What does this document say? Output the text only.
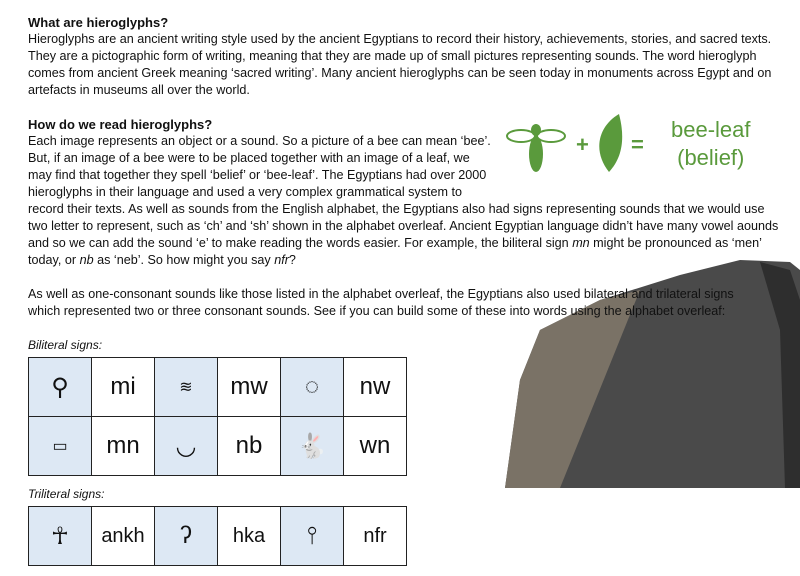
What are hieroglyphs?

Hieroglyphs are an ancient writing style used by the ancient Egyptians to record their history, achievements, stories, and sacred texts. They are a pictographic form of writing, meaning that they are made up of small pictures representing sounds. The word hieroglyph comes from ancient Greek meaning ‘sacred writing’. Many ancient hieroglyphs can be seen today in monuments across Egypt and on artefacts in museums all over the world.

+ =
bee-leaf
(belief)
How do we read hieroglyphs?

Each image represents an object or a sound. So a picture of a bee can mean ‘bee’. But, if an image of a bee were to be placed together with an image of a leaf, we may find that together they spell ‘belief’ or ‘bee-leaf’. The Egyptians had over 2000 hieroglyphs in their language and used a very complex grammatical system to record their texts. As well as sounds from the English alphabet, the Egyptians also had signs representing sounds that we would use two letter to represent, such as ‘ch’ and ‘sh’ shown in the alphabet overleaf. Ancient Egyptian language didn’t have many vowel aounds and so we can add the sound ‘e’ to make reading the words easier. For example, the biliteral sign mn might be pronounced as ‘men’ today, or nb as ‘neb’. So how might you say nfr?

As well as one-consonant sounds like those listed in the alphabet overleaf, the Egyptians also used bilateral and trilateral signs which represented two or three consonant sounds. See if you can build some of these into words using the alphabet overleaf:

Biliteral signs:
⚲	mi	≋	mw	◌	nw
▭	mn	◡	nb	🐇	wn
Triliteral signs:
☥	ankh	ʔ	hka	⫯	nfr
